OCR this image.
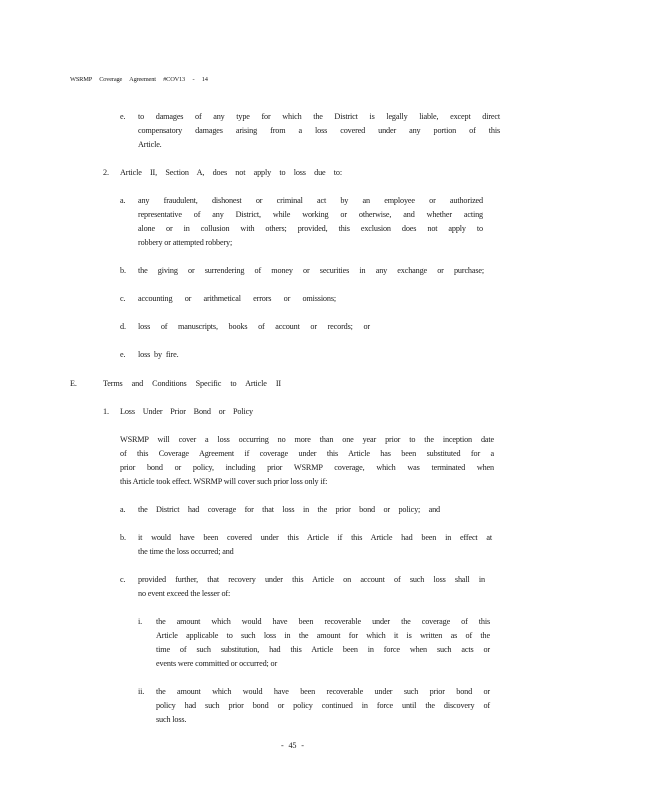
WSRMP Coverage Agreement #COV13 - 14
e. to damages of any type for which the District is legally liable, except direct
compensatory damages arising from a loss covered under any portion of this
Article.
2. Article II, Section A, does not apply to loss due to:
a. any fraudulent, dishonest or criminal act by an employee or authorized
representative of any District, while working or otherwise, and whether acting
alone or in collusion with others; provided, this exclusion does not apply to
robbery or attempted robbery;
b. the giving or surrendering of money or securities in any exchange or purchase;
c. accounting or arithmetical errors or omissions;
d. loss of manuscripts, books of account or records; or
e. loss by fire.
E.	Terms and Conditions Specific to Article II
1. Loss Under Prior Bond or Policy
WSRMP will cover a loss occurring no more than one year prior to the inception date
of this Coverage Agreement if coverage under this Article has been substituted for a
prior bond or policy, including prior WSRMP coverage, which was terminated when
this Article took effect. WSRMP will cover such prior loss only if:
a. the District had coverage for that loss in the prior bond or policy; and
b. it would have been covered under this Article if this Article had been in effect at
the time the loss occurred; and
c. provided further, that recovery under this Article on account of such loss shall in
no event exceed the lesser of:
i. the amount which would have been recoverable under the coverage of this
Article applicable to such loss in the amount for which it is written as of the
time of such substitution, had this Article been in force when such acts or
events were committed or occurred; or
ii. the amount which would have been recoverable under such prior bond or
policy had such prior bond or policy continued in force until the discovery of
such loss.
- 45 -
